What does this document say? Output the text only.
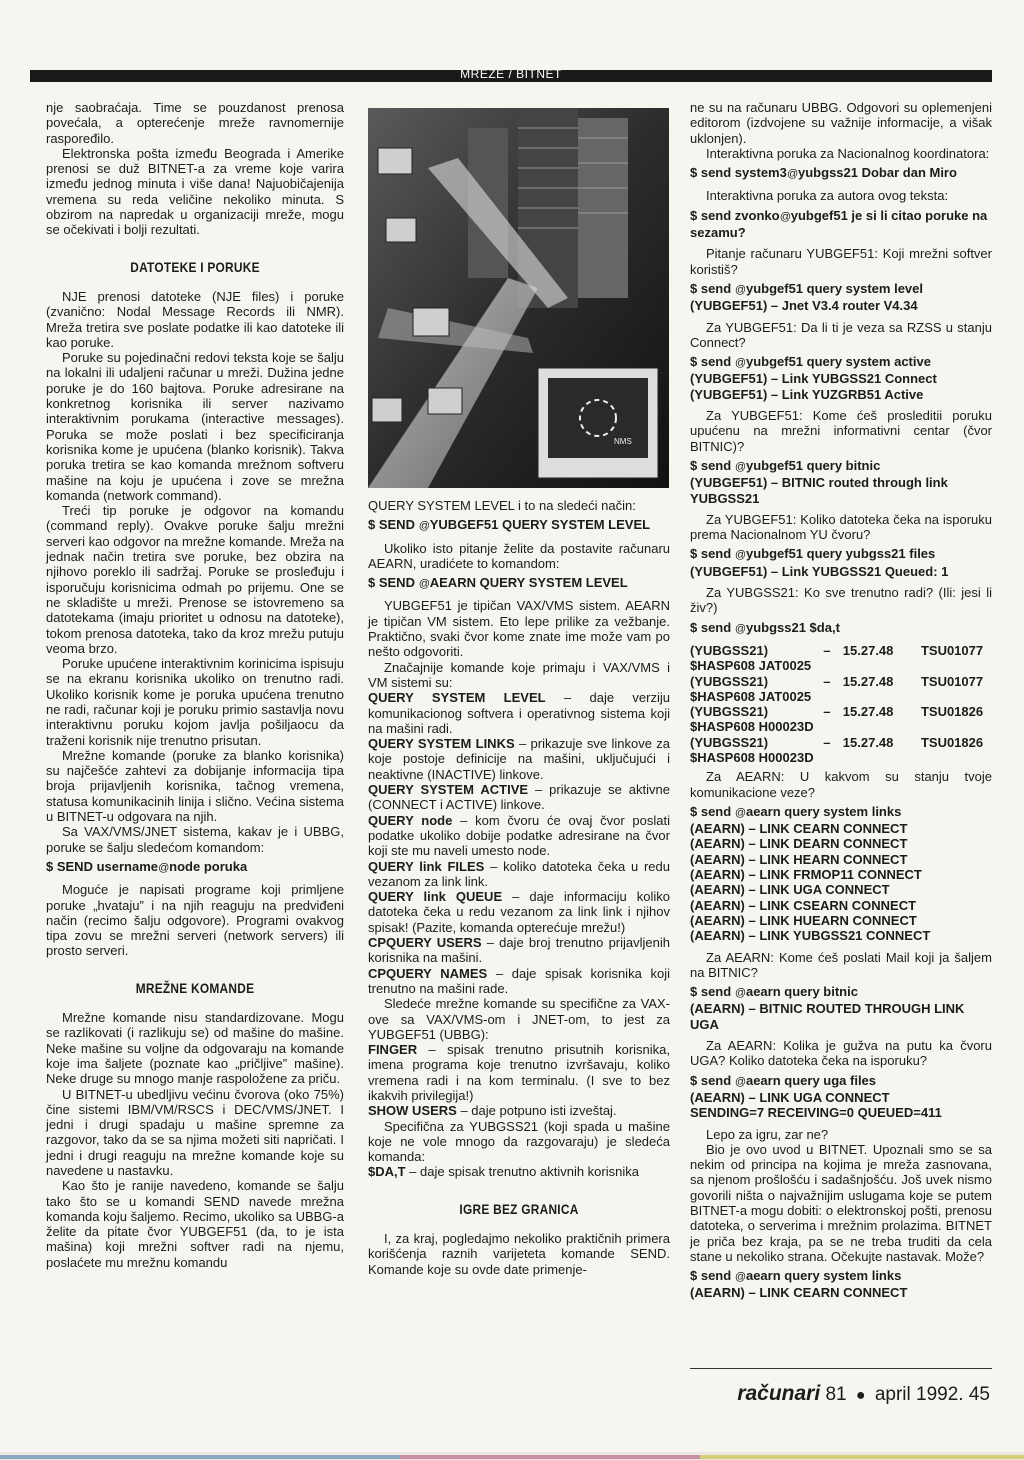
MREŽE / BITNET

nje saobraćaja. Time se pouzdanost prenosa povećala, a opterećenje mreže ravnomernije raspoređilo.

Elektronska pošta između Beograda i Amerike prenosi se duž BITNET-a za vreme koje varira između jednog minuta i više dana! Najuobičajenija vremena su reda veličine nekoliko minuta. S obzirom na napredak u organizaciji mreže, mogu se očekivati i bolji rezultati.

DATOTEKE I PORUKE

NJE prenosi datoteke (NJE files) i poruke (zvanično: Nodal Message Records ili NMR). Mreža tretira sve poslate podatke ili kao datoteke ili kao poruke.

Poruke su pojedinačni redovi teksta koje se šalju na lokalni ili udaljeni računar u mreži. Dužina jedne poruke je do 160 bajtova. Poruke adresirane na konkretnog korisnika ili server nazivamo interaktivnim porukama (interactive messages). Poruka se može poslati i bez specificiranja korisnika kome je upućena (blanko korisnik). Takva poruka tretira se kao komanda mrežnom softveru mašine na koju je upućena i zove se mrežna komanda (network command).

Treći tip poruke je odgovor na komandu (command reply). Ovakve poruke šalju mrežni serveri kao odgovor na mrežne komande. Mreža na jednak način tretira sve poruke, bez obzira na njihovo poreklo ili sadržaj. Poruke se prosleđuju i isporučuju korisnicima odmah po prijemu. One se ne skladište u mreži. Prenose se istovremeno sa datotekama (imaju prioritet u odnosu na datoteke), tokom prenosa datoteka, tako da kroz mrežu putuju veoma brzo.

Poruke upućene interaktivnim korinicima ispisuju se na ekranu korisnika ukoliko on trenutno radi. Ukoliko korisnik kome je poruka upućena trenutno ne radi, računar koji je poruku primio sastavlja novu interaktivnu poruku kojom javlja pošiljaocu da traženi korisnik nije trenutno prisutan.

Mrežne komande (poruke za blanko korisnika) su najčešće zahtevi za dobijanje informacija tipa broja prijavljenih korisnika, tačnog vremena, statusa komunikacinih linija i slično. Većina sistema u BITNET-u odgovara na njih.

Sa VAX/VMS/JNET sistema, kakav je i UBBG, poruke se šalju sledećom komandom:

$ SEND username@node poruka

Moguće je napisati programe koji primljene poruke „hvataju” i na njih reaguju na predviđeni način (recimo šalju odgovore). Programi ovakvog tipa zovu se mrežni serveri (network servers) ili prosto serveri.

MREŽNE KOMANDE

Mrežne komande nisu standardizovane. Mogu se razlikovati (i razlikuju se) od mašine do mašine. Neke mašine su voljne da odgovaraju na komande koje ima šaljete (poznate kao „pričljive” mašine). Neke druge su mnogo manje raspoložene za priču.

U BITNET-u ubedljivu većinu čvorova (oko 75%) čine sistemi IBM/VM/RSCS i DEC/VMS/JNET. I jedni i drugi spadaju u mašine spremne za razgovor, tako da se sa njima možeti siti napričati. I jedni i drugi reaguju na mrežne komande koje su navedene u nastavku.

Kao što je ranije navedeno, komande se šalju tako što se u komandi SEND navede mrežna komanda koju šaljemo. Recimo, ukoliko sa UBBG-a želite da pitate čvor YUBGEF51 (da, to je ista mašina) koji mrežni softver radi na njemu, poslaćete mu mrežnu komandu

NMS

QUERY SYSTEM LEVEL i to na sledeći način:

$ SEND @YUBGEF51 QUERY SYSTEM LEVEL

Ukoliko isto pitanje želite da postavite računaru AEARN, uradićete to komandom:

$ SEND @AEARN QUERY SYSTEM LEVEL

YUBGEF51 je tipičan VAX/VMS sistem. AEARN je tipičan VM sistem. Eto lepe prilike za vežbanje. Praktično, svaki čvor kome znate ime može vam po nešto odgovoriti.

Značajnije komande koje primaju i VAX/VMS i VM sistemi su:

QUERY SYSTEM LEVEL – daje verziju komunikacionog softvera i operativnog sistema koji na mašini radi.

QUERY SYSTEM LINKS – prikazuje sve linkove za koje postoje definicije na mašini, uključujući i neaktivne (INACTIVE) linkove.

QUERY SYSTEM ACTIVE – prikazuje se aktivne (CONNECT i ACTIVE) linkove.

QUERY node – kom čvoru će ovaj čvor poslati podatke ukoliko dobije podatke adresirane na čvor koji ste mu naveli umesto node.

QUERY link FILES – koliko datoteka čeka u redu vezanom za link link.

QUERY link QUEUE – daje informaciju koliko datoteka čeka u redu vezanom za link link i njihov spisak! (Pazite, komanda opterećuje mrežu!)

CPQUERY USERS – daje broj trenutno prijavljenih korisnika na mašini.

CPQUERY NAMES – daje spisak korisnika koji trenutno na mašini rade.

Sledeće mrežne komande su specifične za VAX-ove sa VAX/VMS-om i JNET-om, to jest za YUBGEF51 (UBBG):

FINGER – spisak trenutno prisutnih korisnika, imena programa koje trenutno izvršavaju, koliko vremena radi i na kom terminalu. (I sve to bez ikakvih privilegija!)

SHOW USERS – daje potpuno isti izveštaj.

Specifična za YUBGSS21 (koji spada u mašine koje ne vole mnogo da razgovaraju) je sledeća komanda:

$DA,T – daje spisak trenutno aktivnih korisnika

IGRE BEZ GRANICA

I, za kraj, pogledajmo nekoliko praktičnih primera korišćenja raznih varijeteta komande SEND. Komande koje su ovde date primenje-

ne su na računaru UBBG. Odgovori su oplemenjeni editorom (izdvojene su važnije informacije, a višak uklonjen).

Interaktivna poruka za Nacionalnog koordinatora:

$ send system3@yubgss21 Dobar dan Miro

Interaktivna poruka za autora ovog teksta:

$ send zvonko@yubgef51 je si li citao poruke na sezamu?

Pitanje računaru YUBGEF51: Koji mrežni softver koristiš?

$ send @yubgef51 query system level
(YUBGEF51) – Jnet V3.4 router V4.34

Za YUBGEF51: Da li ti je veza sa RZSS u stanju Connect?

$ send @yubgef51 query system active
(YUBGEF51) – Link YUBGSS21 Connect
(YUBGEF51) – Link YUZGRB51 Active

Za YUBGEF51: Kome ćeš prosleditii poruku upućenu na mrežni informativni centar (čvor BITNIC)?

$ send @yubgef51 query bitnic
(YUBGEF51) – BITNIC routed through link YUBGSS21

Za YUBGEF51: Koliko datoteka čeka na isporuku prema Nacionalnom YU čvoru?

$ send @yubgef51 query yubgss21 files
(YUBGEF51) – Link YUBGSS21 Queued: 1

Za YUBGSS21: Ko sve trenutno radi? (Ili: jesi li živ?)

$ send @yubgss21 $da,t
(YUBGSS21)	– 15.27.48	TSU01077
$HASP608 JAT0025
(YUBGSS21)	– 15.27.48	TSU01077
$HASP608 JAT0025
(YUBGSS21)	– 15.27.48	TSU01826
$HASP608 H00023D
(YUBGSS21)	– 15.27.48	TSU01826
$HASP608 H00023D

Za AEARN: U kakvom su stanju tvoje komunikacione veze?

$ send @aearn query system links
(AEARN) – LINK CEARN CONNECT
(AEARN) – LINK DEARN CONNECT
(AEARN) – LINK HEARN CONNECT
(AEARN) – LINK FRMOP11 CONNECT
(AEARN) – LINK UGA CONNECT
(AEARN) – LINK CSEARN CONNECT
(AEARN) – LINK HUEARN CONNECT
(AEARN) – LINK YUBGSS21 CONNECT

Za AEARN: Kome ćeš poslati Mail koji ja šaljem na BITNIC?

$ send @aearn query bitnic
(AEARN) – BITNIC ROUTED THROUGH LINK UGA

Za AEARN: Kolika je gužva na putu ka čvoru UGA? Koliko datoteka čeka na isporuku?

$ send @aearn query uga files
(AEARN) – LINK UGA CONNECT
SENDING=7 RECEIVING=0 QUEUED=411

Lepo za igru, zar ne?

Bio je ovo uvod u BITNET. Upoznali smo se sa nekim od principa na kojima je mreža zasnovana, sa njenom prošlošću i sadašnjošću. Još uvek nismo govorili ništa o najvažnijim uslugama koje se putem BITNET-a mogu dobiti: o elektronskoj pošti, prenosu datoteka, o serverima i mrežnim prolazima. BITNET je priča bez kraja, pa se ne treba truditi da cela stane u nekoliko strana. Očekujte nastavak. Može?

$ send @aearn query system links
(AEARN) – LINK CEARN CONNECT
računari 81 ● april 1992. 45
